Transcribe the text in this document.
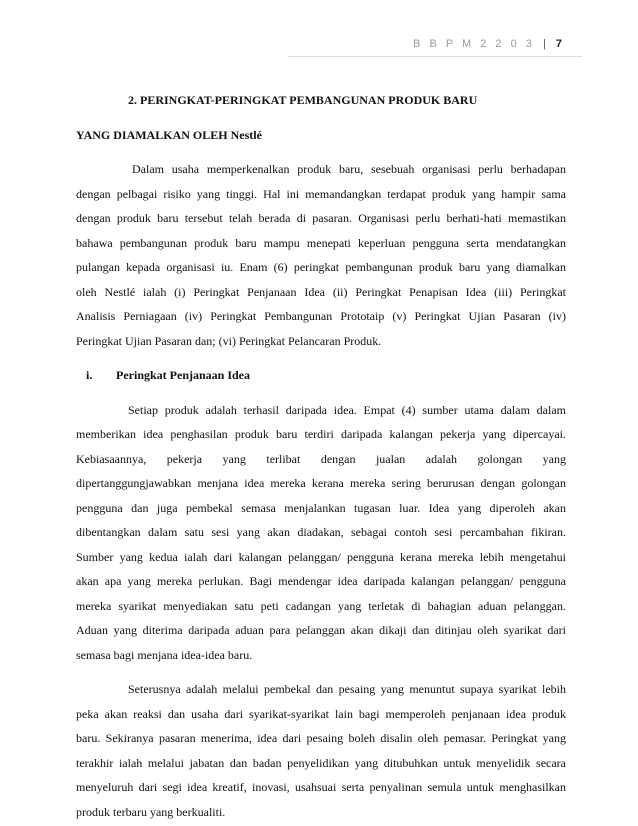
B B P M 2 2 0 3 | 7
2. PERINGKAT-PERINGKAT PEMBANGUNAN PRODUK BARU
YANG DIAMALKAN OLEH Nestlé
Dalam usaha memperkenalkan produk baru, sesebuah organisasi perlu berhadapan
dengan pelbagai risiko yang tinggi. Hal ini memandangkan terdapat produk yang hampir sama
dengan produk baru tersebut telah berada di pasaran. Organisasi perlu berhati-hati memastikan
bahawa pembangunan produk baru mampu menepati keperluan pengguna serta mendatangkan
pulangan kepada organisasi iu. Enam (6) peringkat pembangunan produk baru yang diamalkan
oleh Nestlé ialah (i) Peringkat Penjanaan Idea (ii) Peringkat Penapisan Idea (iii) Peringkat
Analisis Perniagaan (iv) Peringkat Pembangunan Prototaip (v) Peringkat Ujian Pasaran (iv)
Peringkat Ujian Pasaran dan; (vi) Peringkat Pelancaran Produk.
i. Peringkat Penjanaan Idea
Setiap produk adalah terhasil daripada idea. Empat (4) sumber utama dalam dalam
memberikan idea penghasilan produk baru terdiri daripada kalangan pekerja yang dipercayai.
Kebiasaannya, pekerja yang terlibat dengan jualan adalah golongan yang
dipertanggungjawabkan menjana idea mereka kerana mereka sering berurusan dengan golongan
pengguna dan juga pembekal semasa menjalankan tugasan luar. Idea yang diperoleh akan
dibentangkan dalam satu sesi yang akan diadakan, sebagai contoh sesi percambahan fikiran.
Sumber yang kedua ialah dari kalangan pelanggan/ pengguna kerana mereka lebih mengetahui
akan apa yang mereka perlukan. Bagi mendengar idea daripada kalangan pelanggan/ pengguna
mereka syarikat menyediakan satu peti cadangan yang terletak di bahagian aduan pelanggan.
Aduan yang diterima daripada aduan para pelanggan akan dikaji dan ditinjau oleh syarikat dari
semasa bagi menjana idea-idea baru.
Seterusnya adalah melalui pembekal dan pesaing yang menuntut supaya syarikat lebih
peka akan reaksi dan usaha dari syarikat-syarikat lain bagi memperoleh penjanaan idea produk
baru. Sekiranya pasaran menerima, idea dari pesaing boleh disalin oleh pemasar. Peringkat yang
terakhir ialah melalui jabatan dan badan penyelidikan yang ditubuhkan untuk menyelidik secara
menyeluruh dari segi idea kreatif, inovasi, usahsuai serta penyalinan semula untuk menghasilkan
produk terbaru yang berkualiti.
